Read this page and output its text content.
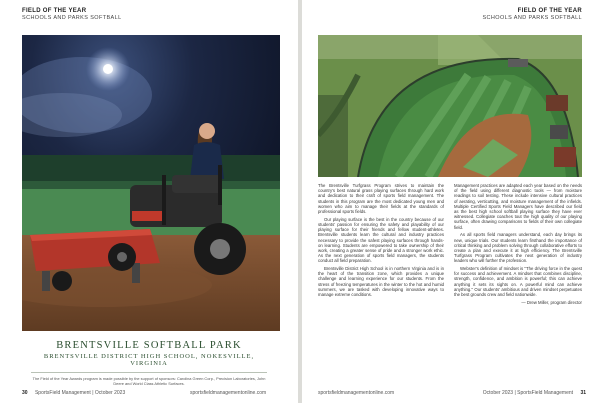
FIELD OF THE YEAR
SCHOOLS AND PARKS SOFTBALL
BRENTSVILLE SOFTBALL PARK
BRENTSVILLE DISTRICT HIGH SCHOOL, NOKESVILLE, VIRGINIA
The Field of the Year Awards program is made possible by the support of sponsors: Carolina Green Corp., Precision Laboratories, John Deere and World Class Athletic Surfaces.
30 SportsField Management | October 2023	sportsfieldmanagementonline.com
FIELD OF THE YEAR
SCHOOLS AND PARKS SOFTBALL

The Brentsville Turfgrass Program strives to maintain the country's best natural grass playing surfaces through hard work and dedication to their craft of sports field management. The students in this program are the most dedicated young men and women who aim to manage their fields at the standards of professional sports fields.

Our playing surface is the best in the country because of our students' passion for ensuring the safety and playability of our playing surface for their friends and fellow student-athletes. Brentsville students learn the cultural and industry practices necessary to provide the safest playing surfaces through hands-on learning. Students are empowered to take ownership of their work, creating a greater sense of pride and a stronger work ethic. As the next generation of sports field managers, the students conduct all field preparation.

Brentsville District High School is in northern Virginia and is in the heart of the transition zone, which provides a unique challenge and learning experience for our students. From the stress of freezing temperatures in the winter to the hot and humid summers, we are tasked with developing innovative ways to manage extreme conditions.

Management practices are adapted each year based on the needs of the field using different diagnostic tools — from moisture readings to soil testing. These include intensive cultural practices of aerating, verticutting, and moisture management of the infields. Multiple Certified Sports Field Managers have described our field as the best high school softball playing surface they have ever witnessed. Collegiate coaches tout the high quality of our playing surface, often drawing comparisons to fields of their own collegiate field.

As all sports field managers understand, each day brings its new, unique trials. Our students learn firsthand the importance of critical thinking and problem solving through collaborative efforts to create a plan and execute it at high efficiency. The Brentsville Turfgrass Program cultivates the next generation of industry leaders who will further the profession.

Webster's definition of mindset is "The driving force in the quest for success and achievement. A mindset that combines discipline, strength, confidence, and ambition is powerful; this can achieve anything it sets its sights on. A powerful mind can achieve anything." Our students' ambitious and driven mindset perpetuates the best grounds crew and field nationwide.

— Drew Miller, program director

sportsfieldmanagementonline.com	October 2023 | SportsField Management 31
